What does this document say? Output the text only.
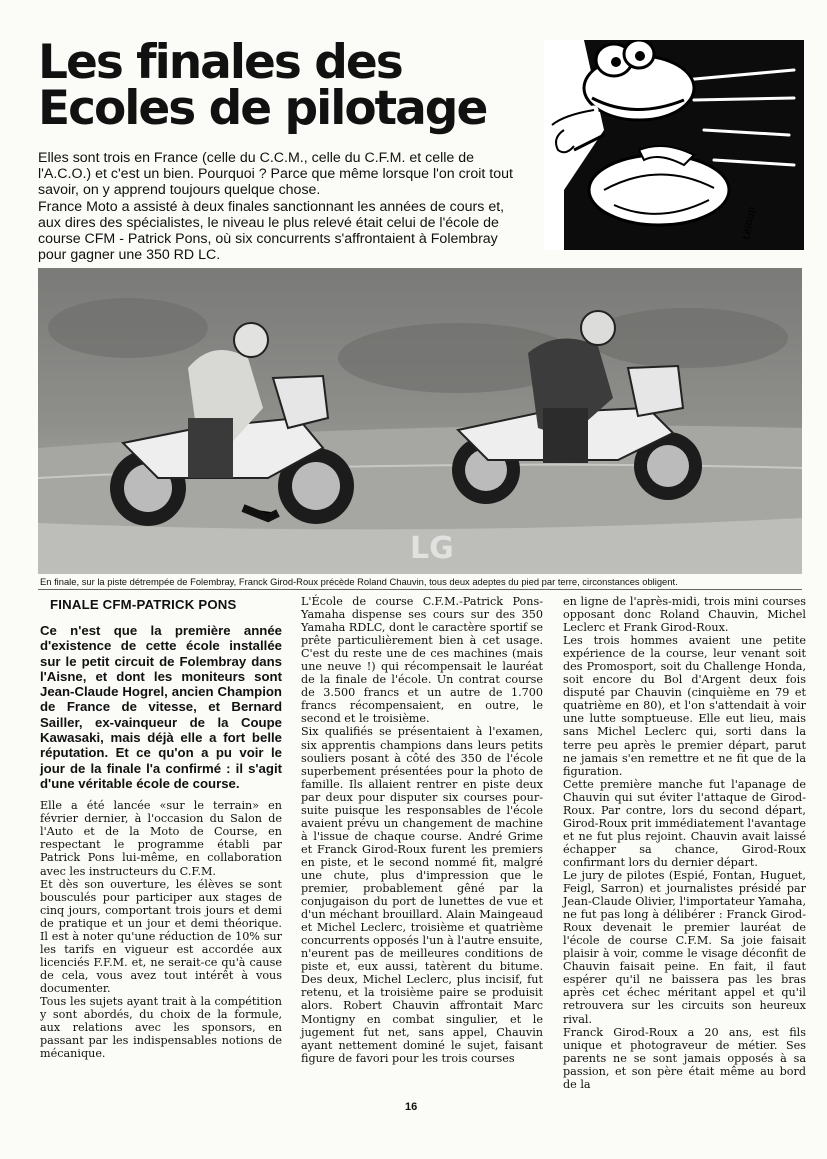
Les finales des
Ecoles de pilotage
Leloup

Elles sont trois en France (celle du C.C.M., celle du C.F.M. et celle de l'A.C.O.) et c'est un bien. Pourquoi ? Parce que même lorsque l'on croit tout savoir, on y apprend toujours quelque chose.

France Moto a assisté à deux finales sanctionnant les années de cours et, aux dires des spécialistes, le niveau le plus relevé était celui de l'école de course CFM - Patrick Pons, où six concurrents s'affrontaient à Folembray pour gagner une 350 RD LC.

LG
En finale, sur la piste détrempée de Folembray, Franck Girod-Roux précède Roland Chauvin, tous deux adeptes du pied par terre, circonstances obligent.

FINALE CFM-PATRICK PONS

Ce n'est que la première année d'existence de cette école installée sur le petit circuit de Folembray dans l'Aisne, et dont les moniteurs sont Jean-Claude Hogrel, ancien Champion de France de vitesse, et Bernard Sailler, ex-vainqueur de la Coupe Kawasaki, mais déjà elle a fort belle réputation. Et ce qu'on a pu voir le jour de la finale l'a confirmé : il s'agit d'une véritable école de course.

Elle a été lancée «sur le terrain» en février dernier, à l'occasion du Salon de l'Auto et de la Moto de Course, en respectant le programme établi par Patrick Pons lui-même, en collaboration avec les instructeurs du C.F.M.

Et dès son ouverture, les élèves se sont bousculés pour participer aux stages de cinq jours, comportant trois jours et demi de pratique et un jour et demi théorique. Il est à noter qu'une réduction de 10% sur les tarifs en vigueur est accordée aux licenciés F.F.M. et, ne serait-ce qu'à cause de cela, vous avez tout intérêt à vous documenter.

Tous les sujets ayant trait à la compétition y sont abordés, du choix de la formule, aux relations avec les sponsors, en passant par les indispensables notions de mécanique.

L'École de course C.F.M.-Patrick Pons-Yamaha dispense ses cours sur des 350 Yamaha RDLC, dont le caractère sportif se prête particulièrement bien à cet usage. C'est du reste une de ces machines (mais une neuve !) qui récompensait le lauréat de la finale de l'école. Un contrat course de 3.500 francs et un autre de 1.700 francs récompensaient, en outre, le second et le troisième.

Six qualifiés se présentaient à l'examen, six apprentis champions dans leurs petits souliers posant à côté des 350 de l'école superbement présentées pour la photo de famille. Ils allaient rentrer en piste deux par deux pour disputer six courses pour-suite puisque les responsables de l'école avaient prévu un changement de machine à l'issue de chaque course. André Grime et Franck Girod-Roux furent les premiers en piste, et le second nommé fit, malgré une chute, plus d'impression que le premier, probablement gêné par la conjugaison du port de lunettes de vue et d'un méchant brouillard. Alain Maingeaud et Michel Leclerc, troisième et quatrième concurrents opposés l'un à l'autre ensuite, n'eurent pas de meilleures conditions de piste et, eux aussi, tatèrent du bitume. Des deux, Michel Leclerc, plus incisif, fut retenu, et la troisième paire se produisit alors. Robert Chauvin affrontait Marc Montigny en combat singulier, et le jugement fut net, sans appel, Chauvin ayant nettement dominé le sujet, faisant figure de favori pour les trois courses

en ligne de l'après-midi, trois mini courses opposant donc Roland Chauvin, Michel Leclerc et Frank Girod-Roux.

Les trois hommes avaient une petite expérience de la course, leur venant soit des Promosport, soit du Challenge Honda, soit encore du Bol d'Argent deux fois disputé par Chauvin (cinquième en 79 et quatrième en 80), et l'on s'attendait à voir une lutte somptueuse. Elle eut lieu, mais sans Michel Leclerc qui, sorti dans la terre peu après le premier départ, parut ne jamais s'en remettre et ne fit que de la figuration.

Cette première manche fut l'apanage de Chauvin qui sut éviter l'attaque de Girod-Roux. Par contre, lors du second départ, Girod-Roux prit immédiatement l'avantage et ne fut plus rejoint. Chauvin avait laissé échapper sa chance, Girod-Roux confirmant lors du dernier départ.

Le jury de pilotes (Espié, Fontan, Huguet, Feigl, Sarron) et journalistes présidé par Jean-Claude Olivier, l'importateur Yamaha, ne fut pas long à délibérer : Franck Girod-Roux devenait le premier lauréat de l'école de course C.F.M. Sa joie faisait plaisir à voir, comme le visage déconfit de Chauvin faisait peine. En fait, il faut espérer qu'il ne baissera pas les bras après cet échec méritant appel et qu'il retrouvera sur les circuits son heureux rival.

Franck Girod-Roux a 20 ans, est fils unique et photograveur de métier. Ses parents ne se sont jamais opposés à sa passion, et son père était même au bord de la

16
